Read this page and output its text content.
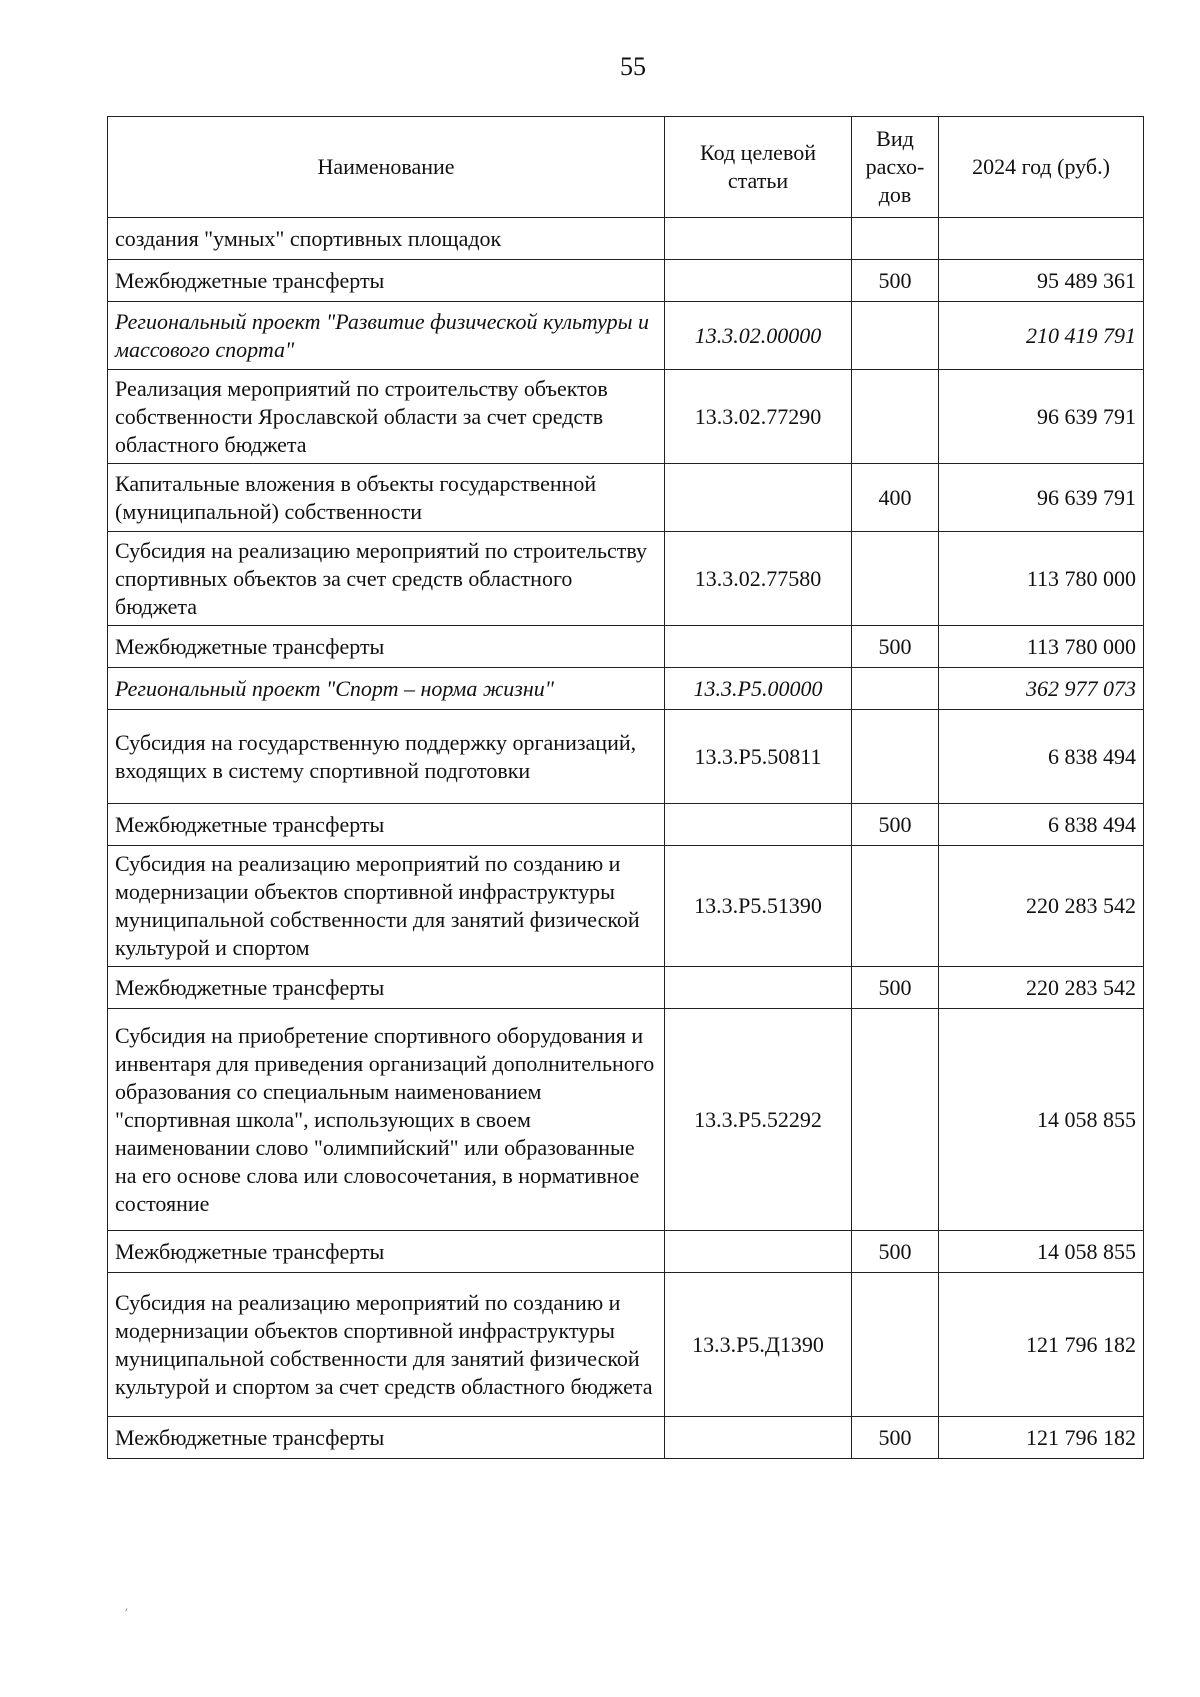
55
Наименование	Код целевой статьи	Вид расхо-дов	2024 год (руб.)
создания "умных" спортивных площадок			
Межбюджетные трансферты		500	95 489 361
Региональный проект "Развитие физической культуры и массового спорта"	13.3.02.00000		210 419 791
Реализация мероприятий по строительству объектов собственности Ярославской области за счет средств областного бюджета	13.3.02.77290		96 639 791
Капитальные вложения в объекты государственной (муниципальной) собственности		400	96 639 791
Субсидия на реализацию мероприятий по строительству спортивных объектов за счет средств областного бюджета	13.3.02.77580		113 780 000
Межбюджетные трансферты		500	113 780 000
Региональный проект "Спорт – норма жизни"	13.3.P5.00000		362 977 073
Субсидия на государственную поддержку организаций, входящих в систему спортивной подготовки	13.3.P5.50811		6 838 494
Межбюджетные трансферты		500	6 838 494
Субсидия на реализацию мероприятий по созданию и модернизации объектов спортивной инфраструктуры муниципальной собственности для занятий физической культурой и спортом	13.3.P5.51390		220 283 542
Межбюджетные трансферты		500	220 283 542
Субсидия на приобретение спортивного оборудования и инвентаря для приведения организаций дополнительного образования со специальным наименованием "спортивная школа", использующих в своем наименовании слово "олимпийский" или образованные на его основе слова или словосочетания, в нормативное состояние	13.3.P5.52292		14 058 855
Межбюджетные трансферты		500	14 058 855
Субсидия на реализацию мероприятий по созданию и модернизации объектов спортивной инфраструктуры муниципальной собственности для занятий физической культурой и спортом за счет средств областного бюджета	13.3.P5.Д1390		121 796 182
Межбюджетные трансферты		500	121 796 182
׳
